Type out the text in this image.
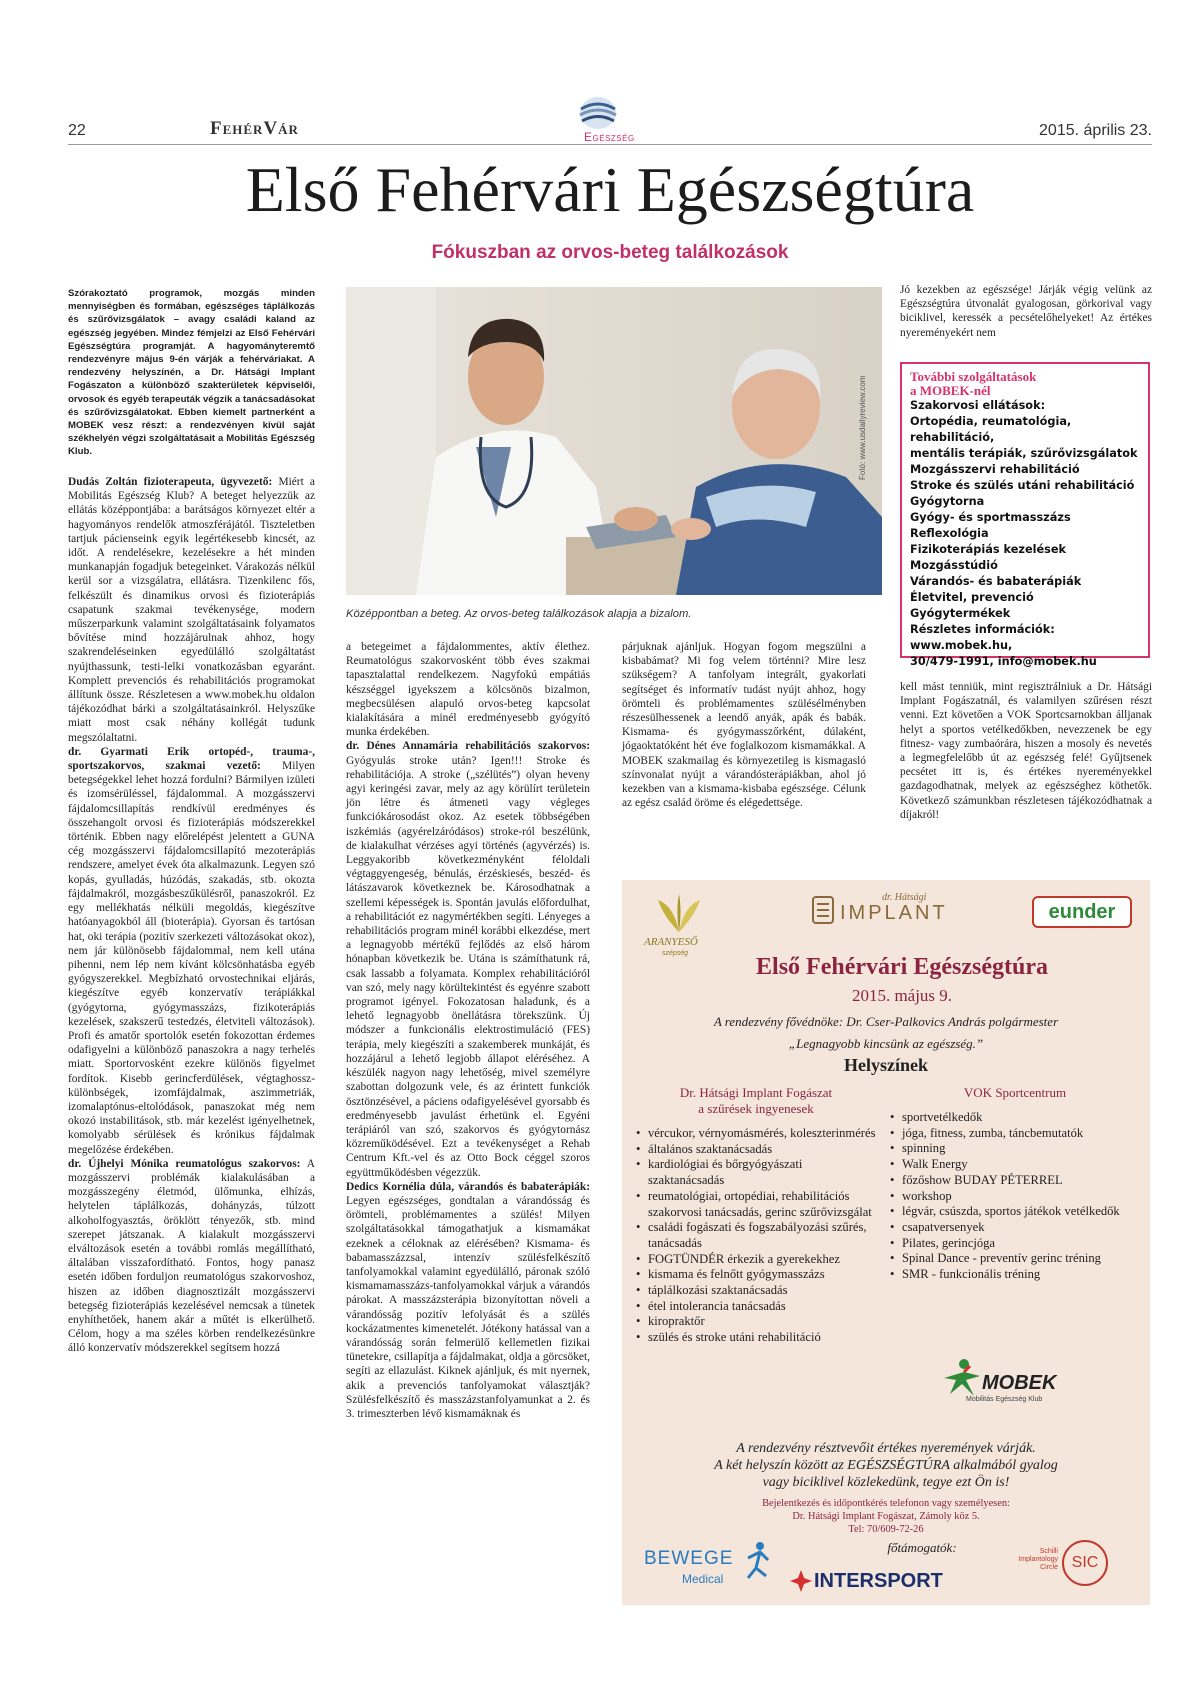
22	FehérVár	Egészség	2015. április 23.
Első Fehérvári Egészségtúra
Fókuszban az orvos-beteg találkozások

Szórakoztató programok, mozgás minden mennyiségben és formában, egészséges táplálkozás és szűrővizsgálatok – avagy családi kaland az egészség jegyében. Mindez fémjelzi az Első Fehérvári Egészségtúra programját. A hagyományteremtő rendezvényre május 9-én várják a fehérváriakat. A rendezvény helyszínén, a Dr. Hátsági Implant Fogászaton a különböző szakterületek képviselői, orvosok és egyéb terapeuták végzik a tanácsadásokat és szűrővizsgálatokat. Ebben kiemelt partnerként a MOBEK vesz részt: a rendezvényen kívül saját székhelyén végzi szolgáltatásait a Mobilitás Egészség Klub.

Dudás Zoltán fizioterapeuta, ügyvezető: Miért a Mobilitás Egészség Klub? A beteget helyezzük az ellátás középpontjába: a barátságos környezet eltér a hagyományos rendelők atmoszférájától. Tiszteletben tartjuk pácienseink egyik legértékesebb kincsét, az időt. A rendelésekre, kezelésekre a hét minden munkanapján fogadjuk betegeinket. Várakozás nélkül kerül sor a vizsgálatra, ellátásra. Tizenkilenc fős, felkészült és dinamikus orvosi és fizioterápiás csapatunk szakmai tevékenysége, modern műszerparkunk valamint szolgáltatásaink folyamatos bővítése mind hozzájárulnak ahhoz, hogy szakrendeléseinken egyedülálló szolgáltatást nyújthassunk, testi-lelki vonatkozásban egyaránt. Komplett prevenciós és rehabilitációs programokat állítunk össze. Részletesen a www.mobek.hu oldalon tájékozódhat bárki a szolgáltatásainkról. Helyszűke miatt most csak néhány kollégát tudunk megszólaltatni.

dr. Gyarmati Erik ortopéd-, trauma-, sportszakorvos, szakmai vezető: Milyen betegségekkel lehet hozzá fordulni? Bármilyen izületi és izomsérüléssel, fájdalommal. A mozgásszervi fájdalomcsillapítás rendkívül eredményes és összehangolt orvosi és fizioterápiás módszerekkel történik. Ebben nagy előrelépést jelentett a GUNA cég mozgásszervi fájdalomcsillapító mezoterápiás rendszere, amelyet évek óta alkalmazunk. Legyen szó kopás, gyulladás, húzódás, szakadás, stb. okozta fájdalmakról, mozgásbeszűkülésről, panaszokról. Ez egy mellékhatás nélküli megoldás, kiegészítve hatóanyagokból áll (bioterápia). Gyorsan és tartósan hat, oki terápia (pozitív szerkezeti változásokat okoz), nem jár különösebb fájdalommal, nem kell utána pihenni, nem lép nem kívánt kölcsönhatásba egyéb gyógyszerekkel. Megbízható orvostechnikai eljárás, kiegészítve egyéb konzervatív terápiákkal (gyógytorna, gyógymasszázs, fizikoterápiás kezelések, szakszerű testedzés, életviteli változások). Profi és amatőr sportolók esetén fokozottan érdemes odafigyelni a különböző panaszokra a nagy terhelés miatt. Sportorvosként ezekre különös figyelmet fordítok. Kisebb gerincferdülések, végtaghossz-különbségek, izomfájdalmak, aszimmetriák, izomalaptónus-eltolódások, panaszokat még nem okozó instabilitások, stb. már kezelést igényelhetnek, komolyabb sérülések és krónikus fájdalmak megelőzése érdekében.

dr. Újhelyi Mónika reumatológus szakorvos: A mozgásszervi problémák kialakulásában a mozgásszegény életmód, ülőmunka, elhízás, helytelen táplálkozás, dohányzás, túlzott alkoholfogyasztás, öröklött tényezők, stb. mind szerepet játszanak. A kialakult mozgásszervi elváltozások esetén a további romlás megállítható, általában visszafordítható. Fontos, hogy panasz esetén időben forduljon reumatológus szakorvoshoz, hiszen az időben diagnosztizált mozgásszervi betegség fizioterápiás kezelésével nemcsak a tünetek enyhíthetőek, hanem akár a műtét is elkerülhető. Célom, hogy a ma széles körben rendelkezésünkre álló konzervatív módszerekkel segítsem hozzá

Fotó: www.usdailyreview.com
Középpontban a beteg. Az orvos-beteg találkozások alapja a bizalom.

a betegeimet a fájdalommentes, aktív élethez. Reumatológus szakorvosként több éves szakmai tapasztalattal rendelkezem. Nagyfokú empátiás készséggel igyekszem a kölcsönös bizalmon, megbecsülésen alapuló orvos-beteg kapcsolat kialakítására a minél eredményesebb gyógyító munka érdekében.

dr. Dénes Annamária rehabilitációs szakorvos: Gyógyulás stroke után? Igen!!! Stroke és rehabilitációja. A stroke („szélütés”) olyan heveny agyi keringési zavar, mely az agy körülírt területein jön létre és átmeneti vagy végleges funkciókárosodást okoz. Az esetek többségében iszkémiás (agyérelzáródásos) stroke-ról beszélünk, de kialakulhat vérzéses agyi történés (agyvérzés) is. Leggyakoribb következményként féloldali végtaggyengeség, bénulás, érzéskiesés, beszéd- és látászavarok következnek be. Károsodhatnak a szellemi képességek is. Spontán javulás előfordulhat, a rehabilitációt ez nagymértékben segíti. Lényeges a rehabilitációs program minél korábbi elkezdése, mert a legnagyobb mértékű fejlődés az első három hónapban következik be. Utána is számíthatunk rá, csak lassabb a folyamata. Komplex rehabilitációról van szó, mely nagy körültekintést és egyénre szabott programot igényel. Fokozatosan haladunk, és a lehető legnagyobb önellátásra törekszünk. Új módszer a funkcionális elektrostimuláció (FES) terápia, mely kiegészíti a szakemberek munkáját, és hozzájárul a lehető legjobb állapot eléréséhez. A készülék nagyon nagy lehetőség, mivel személyre szabottan dolgozunk vele, és az érintett funkciók ösztönzésével, a páciens odafigyelésével gyorsabb és eredményesebb javulást érhetünk el. Egyéni terápiáról van szó, szakorvos és gyógytornász közreműködésével. Ezt a tevékenységet a Rehab Centrum Kft.-vel és az Otto Bock céggel szoros együttműködésben végezzük.

Dedics Kornélia dúla, várandós és babaterápiák: Legyen egészséges, gondtalan a várandósság és örömteli, problémamentes a szülés! Milyen szolgáltatásokkal támogathatjuk a kismamákat ezeknek a céloknak az elérésében? Kismama- és babamasszázzsal, intenzív szülésfelkészítő tanfolyamokkal valamint egyedülálló, páronak szóló kismamamasszázs-tanfolyamokkal várjuk a várandós párokat. A masszázsterápia bizonyítottan növeli a várandósság pozitív lefolyását és a szülés kockázatmentes kimenetelét. Jótékony hatással van a várandósság során felmerülő kellemetlen fizikai tünetekre, csillapítja a fájdalmakat, oldja a görcsöket, segíti az ellazulást. Kiknek ajánljuk, és mit nyernek, akik a prevenciós tanfolyamokat választják? Szülésfelkészítő és masszázstanfolyamunkat a 2. és 3. trimeszterben lévő kismamáknak és

párjuknak ajánljuk. Hogyan fogom megszülni a kisbabámat? Mi fog velem történni? Mire lesz szükségem? A tanfolyam integrált, gyakorlati segítséget és informatív tudást nyújt ahhoz, hogy örömteli és problémamentes szülésélményben részesülhessenek a leendő anyák, apák és babák. Kismama- és gyógymasszőrként, dúlaként, jógaoktatóként hét éve foglalkozom kismamákkal. A MOBEK szakmailag és környezetileg is kismagasló színvonalat nyújt a várandósterápiákban, ahol jó kezekben van a kismama-kisbaba egészsége. Célunk az egész család öröme és elégedettsége.

Jó kezekben az egészsége! Járják végig velünk az Egészségtúra útvonalát gyalogosan, görkorival vagy biciklivel, keressék a pecsételőhelyeket! Az értékes nyereményekért nem

További szolgáltatások
a MOBEK-nél
Szakorvosi ellátások:
Ortopédia, reumatológia, rehabilitáció,
mentális terápiák, szűrővizsgálatok
Mozgásszervi rehabilitáció
Stroke és szülés utáni rehabilitáció
Gyógytorna
Gyógy- és sportmasszázs
Reflexológia
Fizikoterápiás kezelések
Mozgásstúdió
Várandós- és babaterápiák
Életvitel, prevenció
Gyógytermékek
Részletes információk: www.mobek.hu,
30/479-1991, info@mobek.hu

kell mást tenniük, mint regisztrálniuk a Dr. Hátsági Implant Fogászatnál, és valamilyen szűrésen részt venni. Ezt követően a VOK Sportcsarnokban álljanak helyt a sportos vetélkedőkben, nevezzenek be egy fitnesz- vagy zumbaórára, hiszen a mosoly és nevetés a legmegfelelőbb út az egészség felé! Gyűjtsenek pecsétet itt is, és értékes nyereményekkel gazdagodhatnak, melyek az egészséghez köthetők. Következő számunkban részletesen tájékozódhatnak a díjakról!

ARANYESŐ
szépség
dr. Hátsági
IMPLANT	eunder
Első Fehérvári Egészségtúra
2015. május 9.
A rendezvény fővédnöke: Dr. Cser-Palkovics András polgármester
„Legnagyobb kincsünk az egészség.”
Helyszínek
Dr. Hátsági Implant Fogászat
a szűrések ingyenesek
• vércukor, vérnyomásmérés, koleszterinmérés
• általános szaktanácsadás
• kardiológiai és bőrgyógyászati szaktanácsadás
• reumatológiai, ortopédiai, rehabilitációs szakorvosi tanácsadás, gerinc szűrővizsgálat
• családi fogászati és fogszabályozási szűrés, tanácsadás
• FOGTÜNDÉR érkezik a gyerekekhez
• kismama és felnőtt gyógymasszázs
• táplálkozási szaktanácsadás
• étel intolerancia tanácsadás
• kiropraktőr
• szülés és stroke utáni rehabilitáció
VOK Sportcentrum
• sportvetélkedők
• jóga, fitness, zumba, táncbemutatók
• spinning
• Walk Energy
• főzőshow BUDAY PÉTERREL
• workshop
• légvár, csúszda, sportos játékok vetélkedők
• csapatversenyek
• Pilates, gerincjóga
• Spinal Dance - preventív gerinc tréning
• SMR - funkcionális tréning
MOBEK
Mobilitás Egészség Klub
A rendezvény résztvevőit értékes nyeremények várják.
A két helyszín között az EGÉSZSÉGTÚRA alkalmából gyalog
vagy biciklivel közlekedünk, tegye ezt Ön is!
Bejelentkezés és időpontkérés telefonon vagy személyesen:
Dr. Hátsági Implant Fogászat, Zámoly köz 5.
Tel: 70/609-72-26
főtámogatók:
BEWEGE
Medical	INTERSPORT
Schilli
Implantology
Circle SIC
